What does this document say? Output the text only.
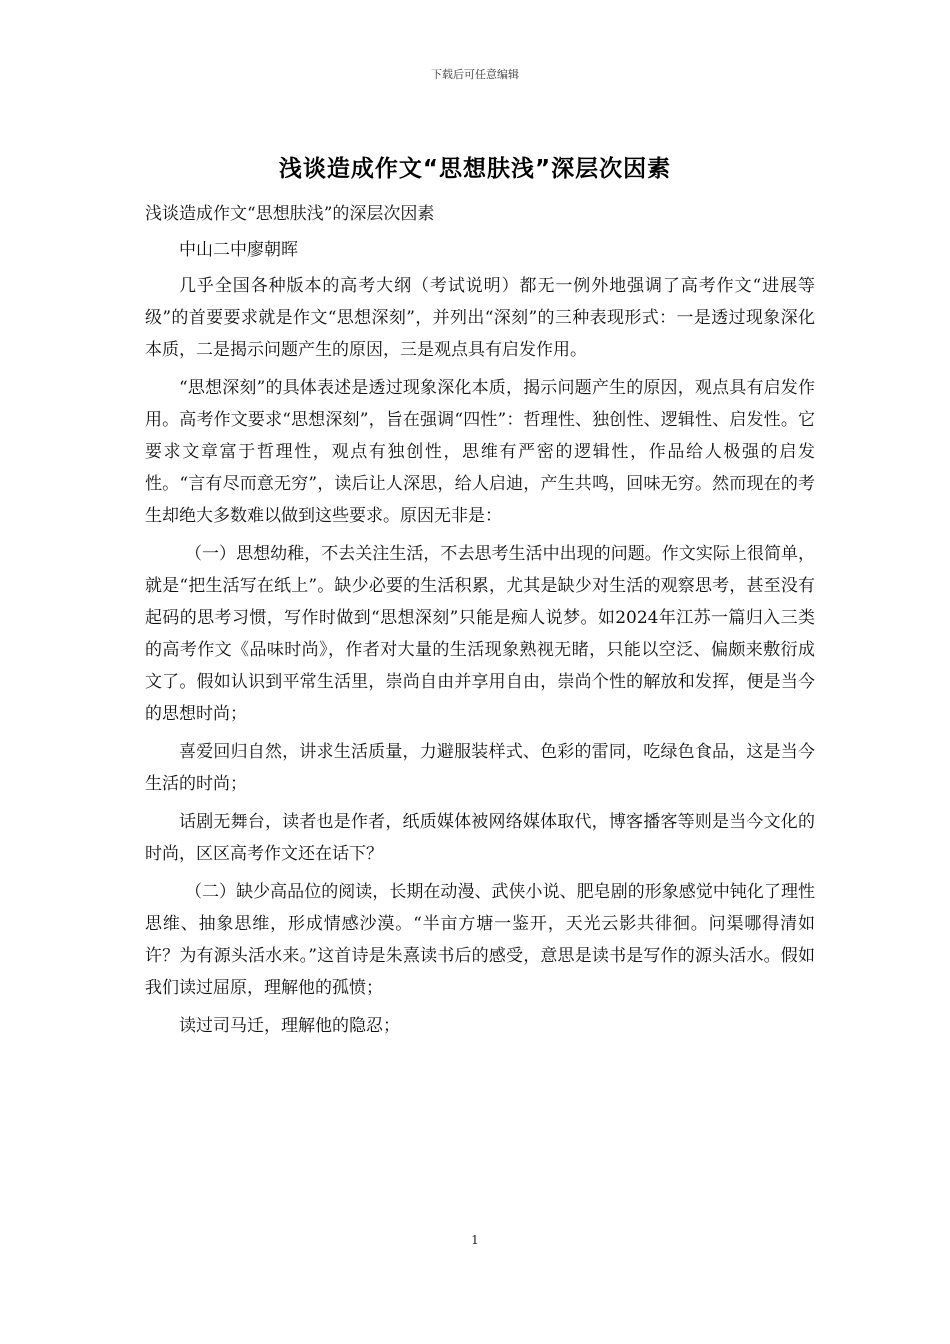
下载后可任意编辑
浅谈造成作文“思想肤浅”深层次因素

浅谈造成作文“思想肤浅”的深层次因素

中山二中廖朝晖

几乎全国各种版本的高考大纲（考试说明）都无一例外地强调了高考作文“进展等级”的首要要求就是作文“思想深刻”，并列出“深刻”的三种表现形式：一是透过现象深化本质，二是揭示问题产生的原因，三是观点具有启发作用。

“思想深刻”的具体表述是透过现象深化本质，揭示问题产生的原因，观点具有启发作用。高考作文要求“思想深刻”，旨在强调“四性”：哲理性、独创性、逻辑性、启发性。它要求文章富于哲理性，观点有独创性，思维有严密的逻辑性，作品给人极强的启发性。“言有尽而意无穷”，读后让人深思，给人启迪，产生共鸣，回味无穷。然而现在的考生却绝大多数难以做到这些要求。原因无非是：

（一）思想幼稚，不去关注生活，不去思考生活中出现的问题。作文实际上很简单，就是“把生活写在纸上”。缺少必要的生活积累，尤其是缺少对生活的观察思考，甚至没有起码的思考习惯，写作时做到“思想深刻”只能是痴人说梦。如2024年江苏一篇归入三类的高考作文《品味时尚》，作者对大量的生活现象熟视无睹，只能以空泛、偏颇来敷衍成文了。假如认识到平常生活里，崇尚自由并享用自由，崇尚个性的解放和发挥，便是当今的思想时尚；

喜爱回归自然，讲求生活质量，力避服装样式、色彩的雷同，吃绿色食品，这是当今生活的时尚；

话剧无舞台，读者也是作者，纸质媒体被网络媒体取代，博客播客等则是当今文化的时尚，区区高考作文还在话下？

（二）缺少高品位的阅读，长期在动漫、武侠小说、肥皂剧的形象感觉中钝化了理性思维、抽象思维，形成情感沙漠。“半亩方塘一鉴开，天光云影共徘徊。问渠哪得清如许？为有源头活水来。”这首诗是朱熹读书后的感受，意思是读书是写作的源头活水。假如我们读过屈原，理解他的孤愤；

读过司马迁，理解他的隐忍；

1
